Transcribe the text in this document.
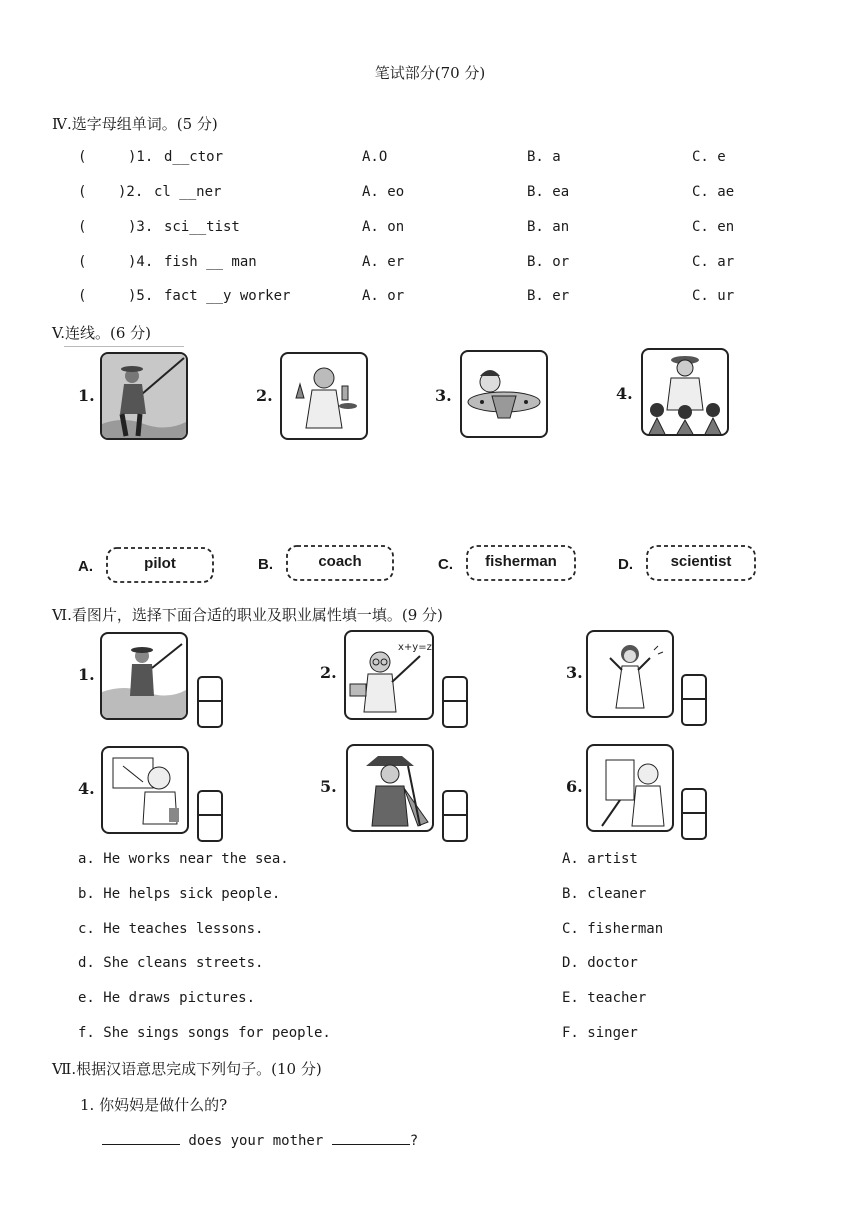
笔试部分(70 分)
Ⅳ.选字母组单词。(5 分)
(	)1. d__ctor	A.O	B. a	C. e
( )2. cl __ner	A. eo	B. ea	C. ae
(	)3. sci__tist	A. on	B. an	C. en
(	)4. fish __ man	A. er	B. or	C. ar
(	)5. fact __y worker	A. or	B. er	C. ur
V.连线。(6 分)
1.	2.	3.	4.
A.	pilot	B.	coach	C.	fisherman	D.	scientist
Ⅵ.看图片，选择下面合适的职业及职业属性填一填。(9 分)
1.	2.
x+y=z
3.
4.	5.	6.
a. He works near the sea.
b. He helps sick people.
c. He teaches lessons.
d. She cleans streets.
e. He draws pictures.
f. She sings songs for people.
A. artist
B. cleaner
C. fisherman
D. doctor
E. teacher
F. singer
Ⅶ.根据汉语意思完成下列句子。(10 分)
1. 你妈妈是做什么的?
does your mother	?
